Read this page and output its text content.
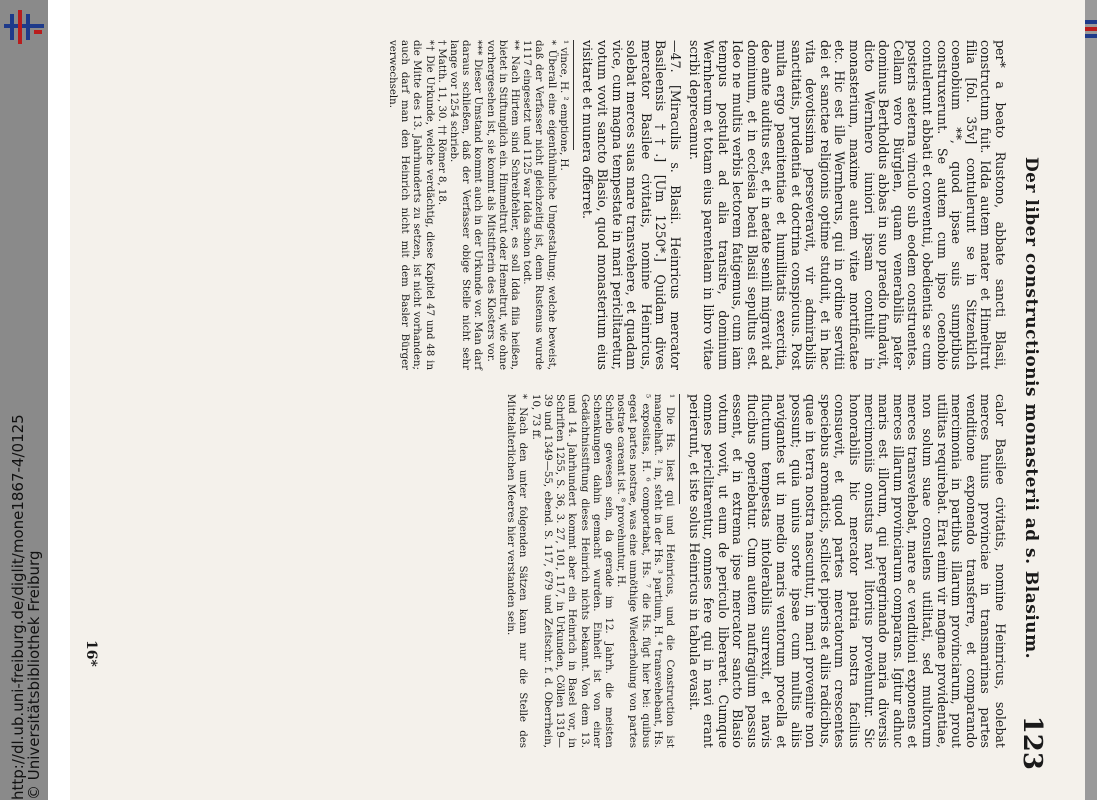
http://dl.ub.uni-freiburg.de/diglit/mone1867-4/0125
© Universitätsbibliothek Freiburg
Der liber constructionis monasterii ad s. Blasium.
123

per* a beato Rustono, abbate sancti Blasii, constructum fuit. Idda autem mater et Himeltrut filia [fol. 35v] contulerunt se in Sitzenkilch coenobium **, quod ipsae suis sumptibus construxerunt. Se autem cum ipso coenobio contulerunt abbati et conventui, obedientia se cum posteris aeterna vinculo sub eodem construentes. Cellam vero Bürglen, quam venerabilis pater dominus Bertholdus abbas in suo praedio fundavit, dicto Wernhero iuniori ipsam contulit in monasterium, maxime autem vitae mortificatae etc. Hic est ille Wernherus, qui in ordine servitii dei et sanctae religionis optime studuit, et in hac vita devotissima perseveravit, vir admirabilis sanctitatis, prudentia et doctrina conspicuus. Post multa ergo paenitentiae et humilitatis exercitia, deo ante auditus est, et in aetate senili migravit ad dominum, et in ecclesia beati Blasii sepultus est. Ideo ne multis verbis lectorem fatigemus, cum iam tempus postulat ad alia transire, dominum Wernherum et totam eius parentelam in libro vitae scribi deprecamur.

—47. [Miraculis s. Blasii. Heinricus mercator Basileensis ††.] [Um 1250*.] Quidam dives mercator Basilee civitatis, nomine Heinricus, solebat merces suas mare transvehere, et quadam vice, cum magna tempestate in mari periclitaretur, votum vovit sancto Blasio, quod monasterium eius visitaret et munera offerret.

¹ vince, H. ² emptione, H.

* Überall eine eigenthümliche Umgestaltung; welche beweist, daß der Verfasser nicht gleichzeitig ist, denn Rustenus wurde 1117 eingesetzt und 1125 war Idda schon todt.

** Nach Hirtem sind Schreibfehler, es soll Idda filia heißen, bietet in Stiftunglich ein. Himmeltrut oder Hemeltrut, wie ohne vorhergesehen ist, sie kommt als Mitstifterin des Klosters vor.

*** Dieser Umstand kommt auch in der Urkunde vor. Man darf daraus schließen, daß der Verfasser obige Stelle nicht sehr lange vor 1254 schrieb.

† Matth. 11, 30. †† Römer 8, 18.

*† Die Urkunde, welche verdächtig, diese Kapitel 47 und 48 in die Mitte des 13. Jahrhunderts zu setzen, ist nicht vorhanden; auch darf man den Heinrich nicht mit dem Basler Bürger verwechseln.

calor Basilee civitatis, nomine Heinricus, solebat merces huius provinciae in transmarinas partes venditione exponendo transferre, et comparando mercimonia in partibus illarum provinciarum, prout utilitas requirebat. Erat enim vir magnae providentiae, non solum suae consulens utilitati, sed multorum merces transvehebat, mare ac venditioni exponens et merces illarum provinciarum comparans. Igitur adhuc maris est illorum, qui peregrinando maria diversis mercimoniis onustus navi litorius provehuntur. Sic honorabilis hic mercator patria nostra facilius consuevit, et quod partes mercatorum crescentes speciebus aromaticis, scilicet piperis et aliis radicibus, quae in terra nostra nascuntur, in mari provenire non possunt; quia unius sorte ipsae cum multis aliis navigantes ut in medio maris ventorum procella et fluctuum tempestas intolerabilis surrexit, et navis flucibus operiebatur. Cum autem naufragium passus essent, et in extrema ipse mercator sancto Blasio votum vovit, ut eum de periculo liberaret. Cumque omnes periclitarentur, omnes fere qui in navi erant perierunt, et iste solus Heinricus in tabula evasit.

¹ Die Hs. liest qui und Heinricus, und die Construction ist mangelhaft. ² in, steht in der Hs. ³ partium, H. ⁴ transvehebant, Hs. ⁵ expositas, H. ⁶ comportabat, Hs. ⁷ die Hs. fügt hier bei: quibus egeat partes nostrae, was eine unnöthige Wiederholung von partes nostrae careant ist. ⁸ provehuntur, H.

Schrieb gewesen sein, da gerade im 12. Jahrh. die meisten Schenkungen dahin gemacht wurden. Einheit ist von einer Gedächtnisstiftung dieses Heinrich nichts bekannt. Von dem 13. und 14. Jahrhundert kommt aber ein Heinrich in Basel vor, in Schriften 1255, S. 36, 3. 27, 101, 117, in Urkunden, Cöllen 1319—39 und 1349—55, ebend. S. 117, 679 und Zeitschr. f. d. Oberrhein, 10, 73 ff.

* Nach den unter folgenden Sätzen kann nur die Stelle des Mittelalterlichen Meeres hier verstanden sein.

16*
